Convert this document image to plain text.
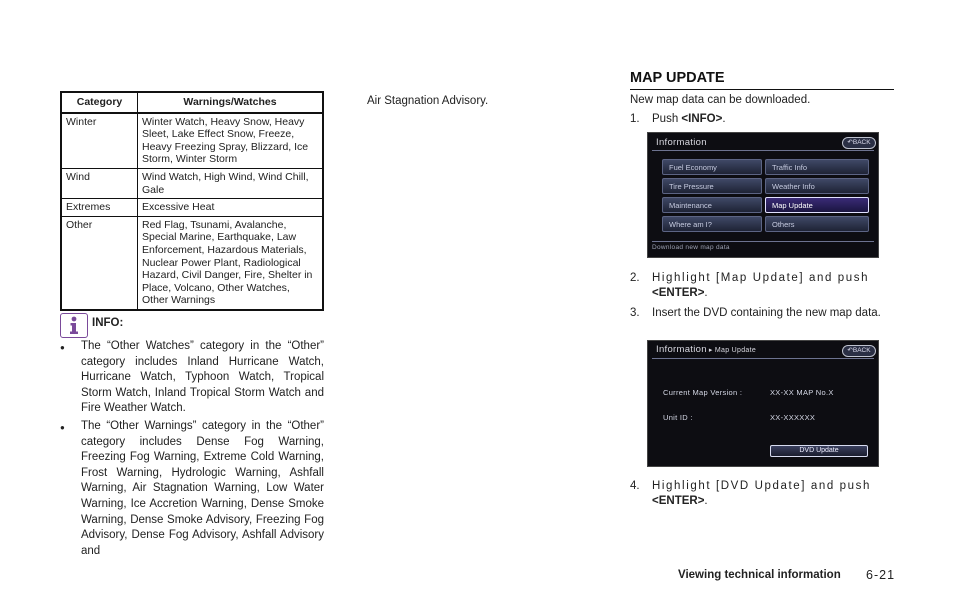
Category	Warnings/Watches
Winter	Winter Watch, Heavy Snow, Heavy Sleet, Lake Effect Snow, Freeze, Heavy Freezing Spray, Blizzard, Ice Storm, Winter Storm
Wind	Wind Watch, High Wind, Wind Chill, Gale
Extremes	Excessive Heat
Other	Red Flag, Tsunami, Avalanche, Special Marine, Earthquake, Law Enforcement, Hazardous Materials, Nuclear Power Plant, Radiological Hazard, Civil Danger, Fire, Shelter in Place, Volcano, Other Watches, Other Warnings
INFO:
● The “Other Watches” category in the “Other” category includes Inland Hurricane Watch, Hurricane Watch, Typhoon Watch, Tropical Storm Watch, Inland Tropical Storm Watch and Fire Weather Watch.
● The “Other Warnings” category in the “Other” category includes Dense Fog Warning, Freezing Fog Warning, Extreme Cold Warning, Frost Warning, Hydrologic Warning, Ashfall Warning, Air Stagnation Warning, Low Water Warning, Ice Accretion Warning, Dense Smoke Warning, Dense Smoke Advisory, Freezing Fog Advisory, Dense Fog Advisory, Ashfall Advisory and
Air Stagnation Advisory.
MAP UPDATE
New map data can be downloaded.
1. Push <INFO>.
Information	↶BACK
Fuel Economy
Tire Pressure
Maintenance
Where am I?
Traffic Info
Weather Info
Map Update
Others
Download new map data
2. Highlight [Map Update] and push
<ENTER>.
3. Insert the DVD containing the new map data.
Information ▸ Map Update	↶BACK
Current Map Version :	XX-XX MAP No.X
Unit ID :	XX-XXXXXX
DVD Update
4. Highlight [DVD Update] and push
<ENTER>.
Viewing technical information 6-21
